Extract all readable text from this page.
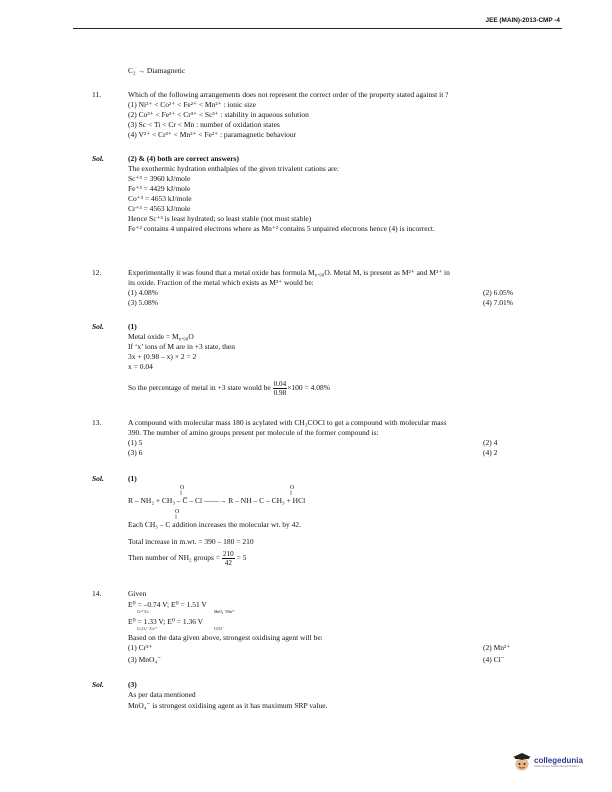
JEE (MAIN)-2013-CMP -4
C₂ → Diamagnetic
11.	Which of the following arrangements does not represent the correct order of the property stated against it ?
(1) Ni²⁺ < Co²⁺ < Fe²⁺ < Mn²⁺ : ionic size
(2) Co³⁺ < Fe³⁺ < Cr³⁺ < Sc³⁺ : stability in aqueous solution
(3) Sc < Ti < Cr < Mn : number of oxidation states
(4) V²⁺ < Cr²⁺ < Mn²⁺ < Fe²⁺ : paramagnetic behaviour
Sol.	(2) & (4) both are correct answers)
The exothermic hydration enthalpies of the given trivalent cations are:
Sc⁺³ = 3960 kJ/mole
Fe⁺³ = 4429 kJ/mole
Co⁺³ = 4653 kJ/mole
Cr⁺³ = 4563 kJ/mole
Hence Sc⁺³ is least hydrated; so least stable (not most stable)
Fe⁺² contains 4 unpaired electrons where as Mn⁺² contains 5 unpaired electrons hence (4) is incorrect.
12.	Experimentally it was found that a metal oxide has formula M₀.₉₈O. Metal M, is present as M²⁺ and M³⁺ in
its oxide. Fraction of the metal which exists as M³⁺ would be:
(1) 4.08%	(2) 6.05%
(3) 5.08%	(4) 7.01%
Sol.	(1)
Metal oxide = M₀.₉₈O
If ‘x’ ions of M are in +3 state, then
3x + (0.98 – x) × 2 = 2
x = 0.04
So the percentage of metal in +3 state would be $\frac{0.04}{0.98} \times 100 = 4.08\%$
13.	A compound with molecular mass 180 is acylated with CH₃COCl to get a compound with molecular mass
390. The number of amino groups present per molecule of the former compound is:
(1) 5	(2) 4
(3) 6	(4) 2
Sol.	(1)
O
||
O
||
R – NH₂ + CH₃ – C̅ – Cl ——→ R – NH – C – CH₃ + HCl
O
||
Each CH₃ – C addition increases the molecular wt. by 42.
Total increase in m.wt. = 390 – 180 = 210
Then number of NH₂ groups = $\frac{210}{42} = 5$
14.	Given
E⁰ = –0.74 V; E⁰ = 1.51 V
Cr³⁺/Cr	MnO₄⁻/Mn²⁺
E⁰ = 1.33 V; E⁰ = 1.36 V
Cr₂O₇²⁻/Cr³⁺	Cl/Cl⁻
Based on the data given above, strongest oxidising agent will be:
(1) Cr³⁺	(2) Mn²⁺
(3) MnO₄⁻	(4) Cl⁻
Sol.	(3)
As per data mentioned
MnO₄⁻ is strongest oxidising agent as it has maximum SRP value.
collegedunia
India's largest Student Review Platform
